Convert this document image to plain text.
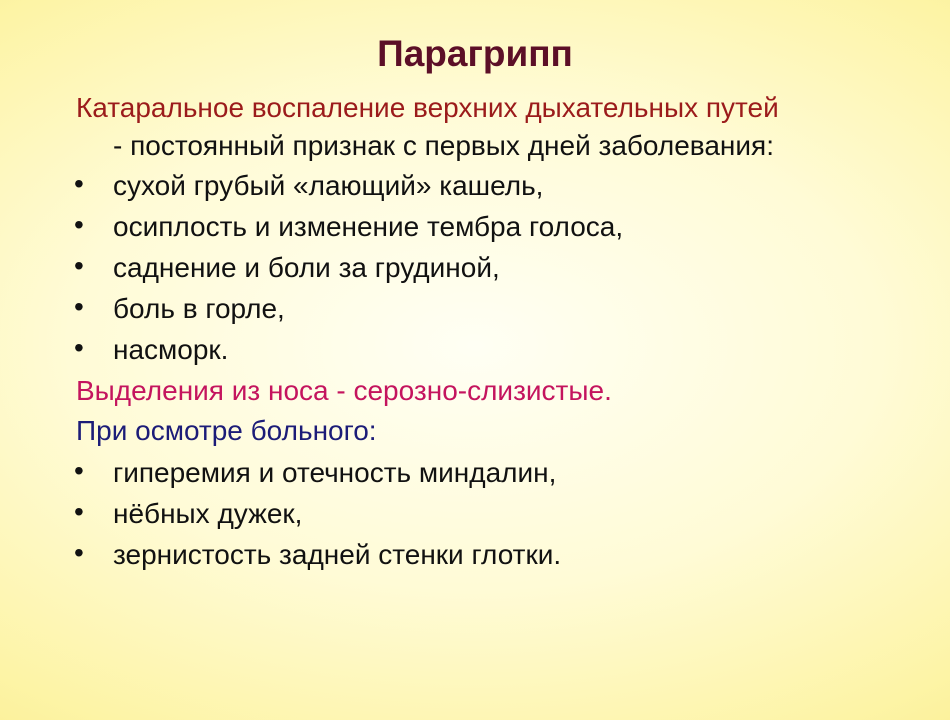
Парагрипп
Катаральное воспаление верхних дыхательных путей
- постоянный признак с первых дней заболевания:
• сухой грубый «лающий» кашель,
• осиплость и изменение тембра голоса,
• саднение и боли за грудиной,
• боль в горле,
• насморк.
Выделения из носа - серозно-слизистые.
При осмотре больного:
• гиперемия и отечность миндалин,
• нёбных дужек,
• зернистость задней стенки глотки.
